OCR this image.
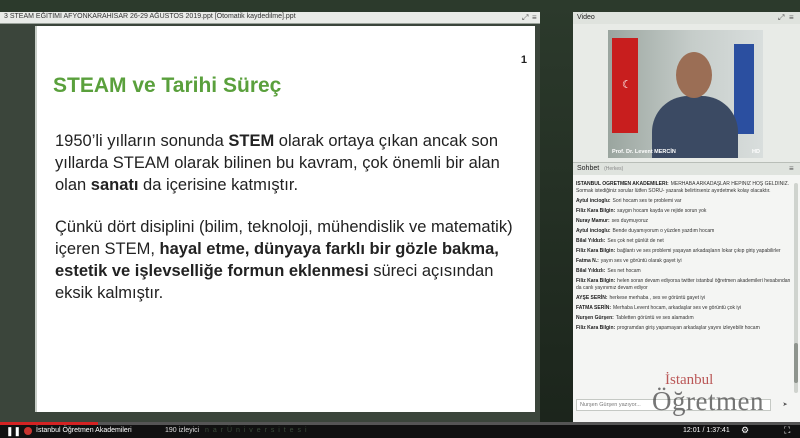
3 STEAM EĞİTİMİ AFYONKARAHİSAR 26-29 AĞUSTOS 2019.ppt [Otomatik kaydedilme].ppt	⤢ ≡
1
STEAM ve Tarihi Süreç
1950’li yılların sonunda STEM olarak ortaya çıkan ancak son yıllarda STEAM olarak bilinen bu kavram, çok önemli bir alan olan sanatı da içerisine katmıştır.
Çünkü dört disiplini (bilim, teknoloji, mühendislik ve matematik) içeren STEM, hayal etme, dünyaya farklı bir gözle bakma, estetik ve işlevselliğe formun eklenmesi süreci açısından eksik kalmıştır.
Video	⤢ ≡
☾
Prof. Dr. Levent MERCİN	HD
Sohbet (Herkes)	≡
İSTANBUL ÖĞRETMEN AKADEMİLERİ: MERHABA ARKADAŞLAR HEPİNİZ HOŞ GELDİNİZ. Sormak istediğiniz sorular lütfen SORU- yazarak belirtirseniz ayırdetmek kolay olacaktır.
Aytul incioglu: Sori hocam ses te problemi var
Filiz Kara Bilgin: saygın hocam kayda ve rejide sorun yok
Nuray Mamur: ses duymuyoruz
Aytul incioglu: Bende duyamıyorum o yüzden yazdım hocam
Bilal Yıldızlı: Ses çok net günlüt de net
Filiz Kara Bilgin: bağlantı ve ses problemi yaşayan arkadaşların lokar çıkıp giriş yapabilirler
Fatma N.: yayın ses ve görüntü olarak gayet iyi
Bilal Yıldızlı: Ses net hocam
Filiz Kara Bilgin: helen soran devam ediyorsa twitter istanbul öğretmen akademileri hesabından da canlı yayınımız devam ediyor
AYŞE SERİN: herkese merhaba , ses ve görüntü gayet iyi
FATMA SERİN: Merhaba Levent hocam, arkadaşlar ses ve görüntü çok iyi
Nurşen Gürşen: Tabletten görüntü ve ses alamadım
Filiz Kara Bilgin: programdan giriş yapamayan arkadaşlar yayını izleyebilir hocam
Nurşen Gürşen yazıyor...	➤
İstanbul
Öğretmen
❚❚ İstanbul Öğretmen Akademileri	190 izleyici n a r Ü n i v e r s i t e s i	12:01 / 1:37:41 ⚙	⛶
